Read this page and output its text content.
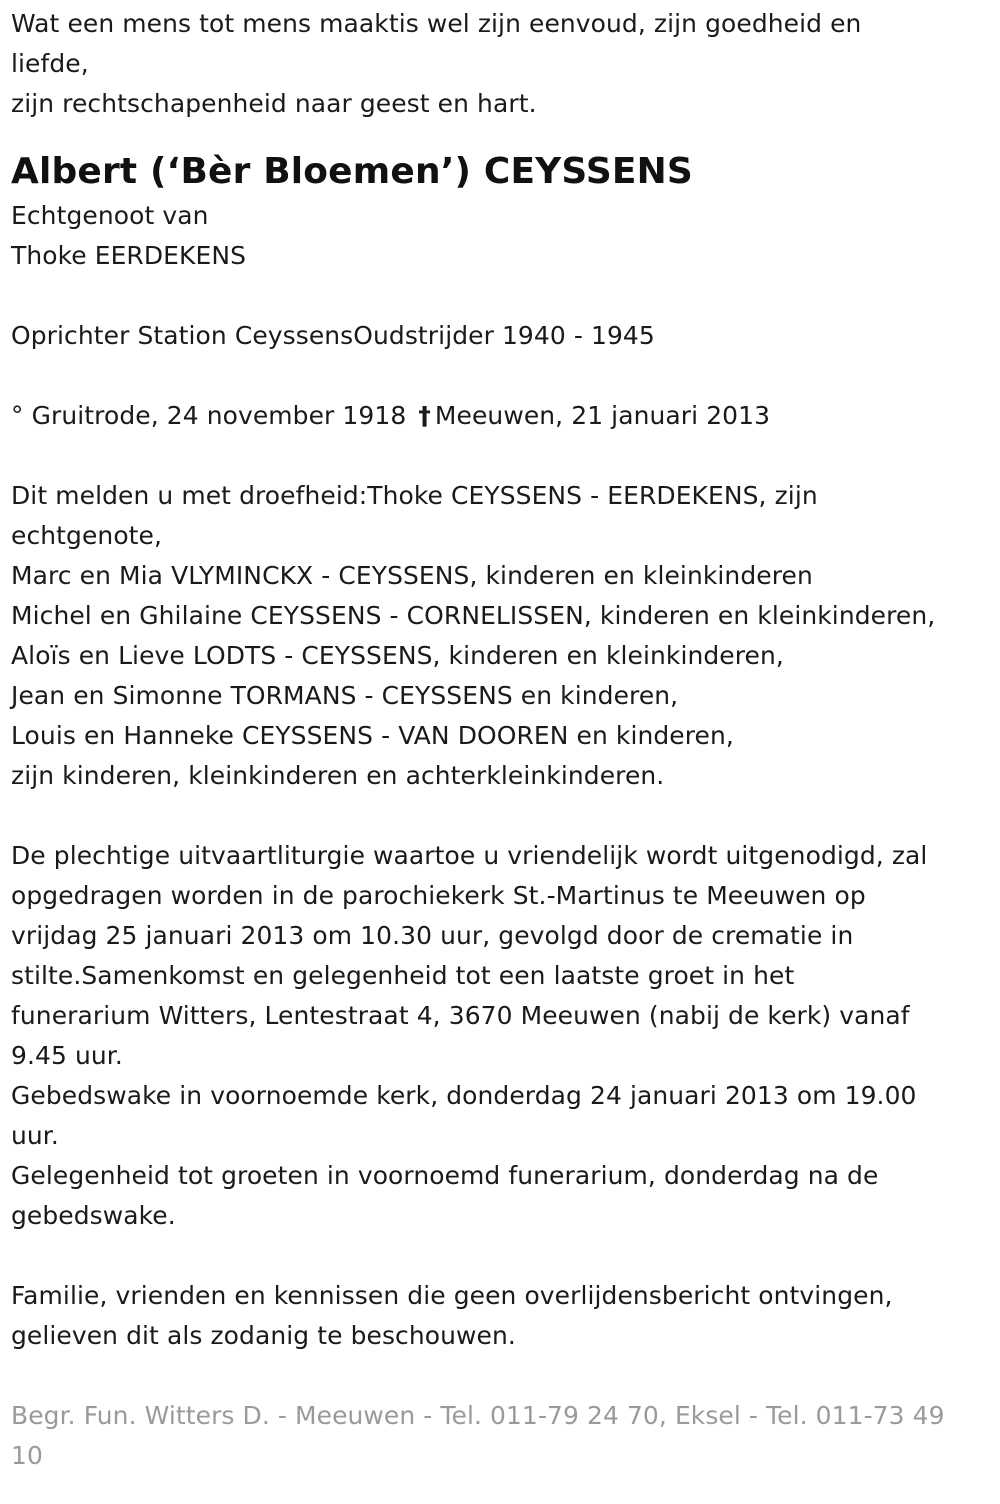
Wat een mens tot mens maaktis wel zijn eenvoud, zijn goedheid en
liefde,
zijn rechtschapenheid naar geest en hart.
Albert (‘Bèr Bloemen’) CEYSSENS
Echtgenoot van
Thoke EERDEKENS
Oprichter Station CeyssensOudstrijder 1940 - 1945
° Gruitrode, 24 november 1918 † Meeuwen, 21 januari 2013
Dit melden u met droefheid:Thoke CEYSSENS - EERDEKENS, zijn
echtgenote,
Marc en Mia VLYMINCKX - CEYSSENS, kinderen en kleinkinderen
Michel en Ghilaine CEYSSENS - CORNELISSEN, kinderen en kleinkinderen,
Aloïs en Lieve LODTS - CEYSSENS, kinderen en kleinkinderen,
Jean en Simonne TORMANS - CEYSSENS en kinderen,
Louis en Hanneke CEYSSENS - VAN DOOREN en kinderen,
zijn kinderen, kleinkinderen en achterkleinkinderen.
De plechtige uitvaartliturgie waartoe u vriendelijk wordt uitgenodigd, zal
opgedragen worden in de parochiekerk St.-Martinus te Meeuwen op
vrijdag 25 januari 2013 om 10.30 uur, gevolgd door de crematie in
stilte.Samenkomst en gelegenheid tot een laatste groet in het
funerarium Witters, Lentestraat 4, 3670 Meeuwen (nabij de kerk) vanaf
9.45 uur.
Gebedswake in voornoemde kerk, donderdag 24 januari 2013 om 19.00
uur.
Gelegenheid tot groeten in voornoemd funerarium, donderdag na de
gebedswake.
Familie, vrienden en kennissen die geen overlijdensbericht ontvingen,
gelieven dit als zodanig te beschouwen.
Begr. Fun. Witters D. - Meeuwen - Tel. 011-79 24 70, Eksel - Tel. 011-73 49
10
